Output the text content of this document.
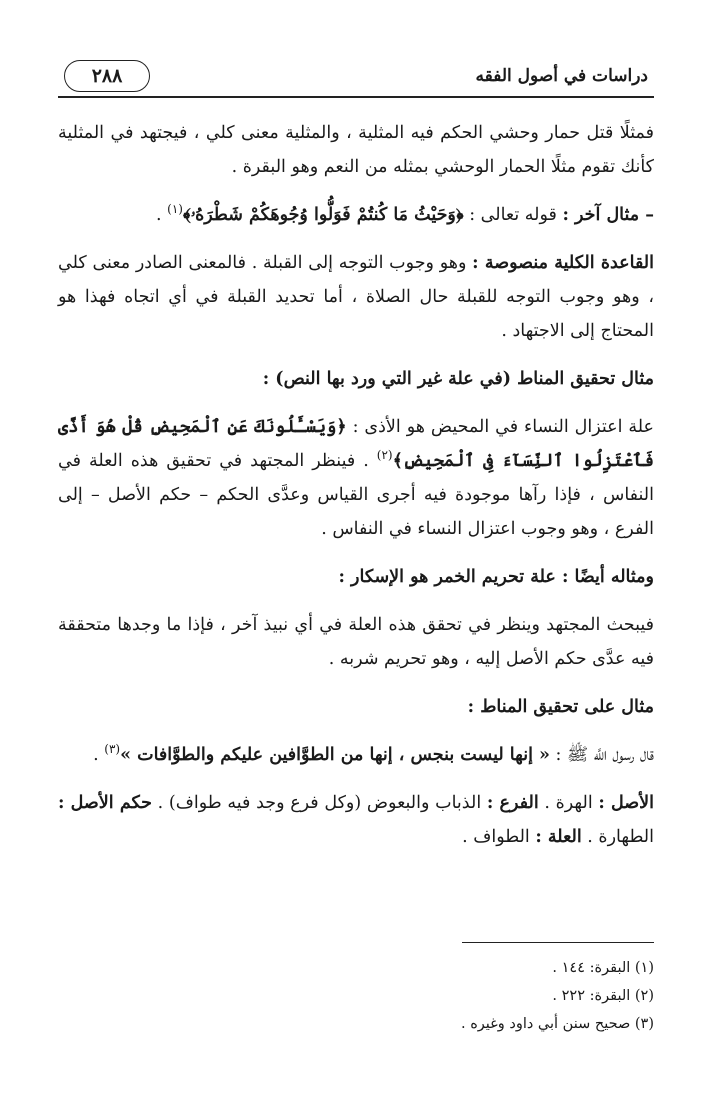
٢٨٨	دراسات في أصول الفقه

فمثلًا قتل حمار وحشي الحكم فيه المثلية ، والمثلية معنى كلي ، فيجتهد في المثلية كأنك تقوم مثلًا الحمار الوحشي بمثله من النعم وهو البقرة .

– مثال آخر : قوله تعالى : ﴿وَحَيْثُ مَا كُنتُمْ فَوَلُّوا وُجُوهَكُمْ شَطْرَهُۥ﴾$^{(١)}$ .

القاعدة الكلية منصوصة : وهو وجوب التوجه إلى القبلة . فالمعنى الصادر معنى كلي ، وهو وجوب التوجه للقبلة حال الصلاة ، أما تحديد القبلة في أي اتجاه فهذا هو المحتاج إلى الاجتهاد .

مثال تحقيق المناط (في علة غير التي ورد بها النص) :

علة اعتزال النساء في المحيض هو الأذى : ﴿وَيَسْـَٔلُونَكَ عَنِ ٱلْمَحِيضِ قُلْ هُوَ أَذًى فَٱعْتَزِلُوا ٱلنِّسَآءَ فِى ٱلْمَحِيضِ﴾$^{(٢)}$ . فينظر المجتهد في تحقيق هذه العلة في النفاس ، فإذا رآها موجودة فيه أجرى القياس وعدَّى الحكم – حكم الأصل – إلى الفرع ، وهو وجوب اعتزال النساء في النفاس .

ومثاله أيضًا : علة تحريم الخمر هو الإسكار :

فيبحث المجتهد وينظر في تحقق هذه العلة في أي نبيذ آخر ، فإذا ما وجدها متحققة فيه عدَّى حكم الأصل إليه ، وهو تحريم شربه .

مثال على تحقيق المناط :

قال رسول اللَّه ﷺ : « إنها ليست بنجس ، إنها من الطوَّافين عليكم والطوَّافات »$^{(٣)}$ .

الأصل : الهرة . الفرع : الذباب والبعوض (وكل فرع وجد فيه طواف) . حكم الأصل : الطهارة . العلة : الطواف .

(١) البقرة: ١٤٤ .
(٢) البقرة: ٢٢٢ .
(٣) صحيح سنن أبي داود وغيره .
